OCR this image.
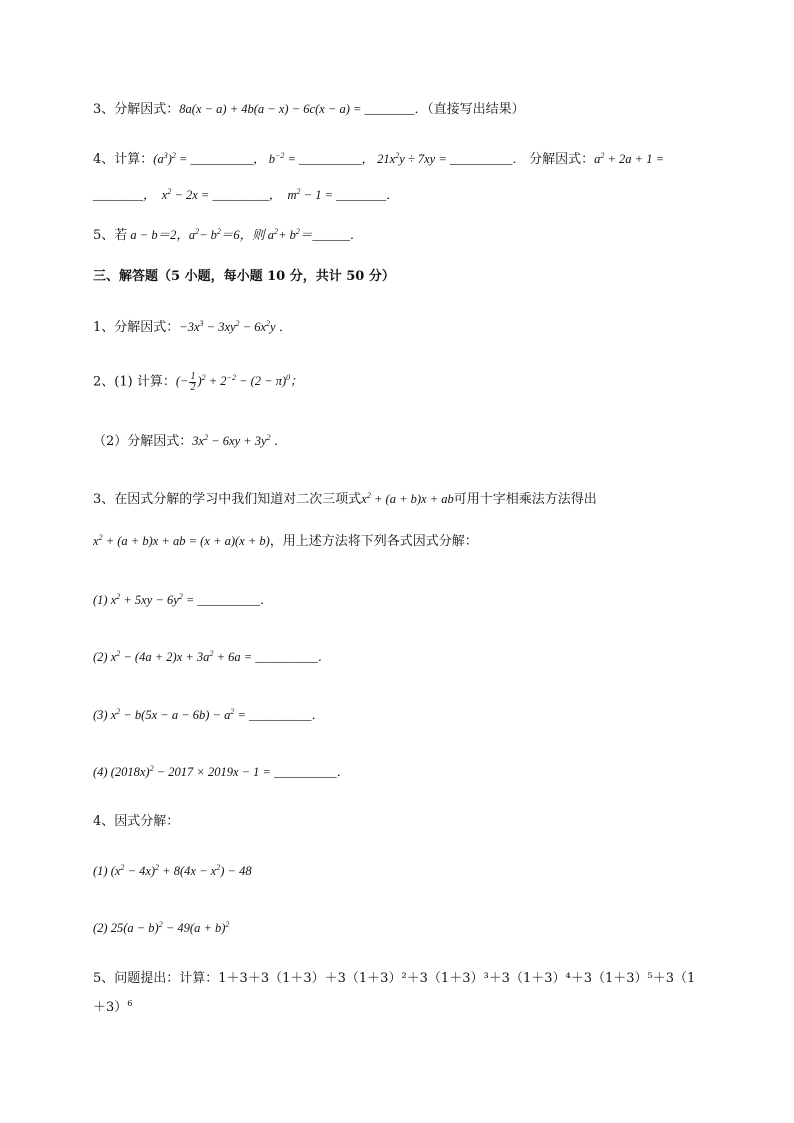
3、分解因式：8a(x − a) + 4b(a − x) − 6c(x − a) = ________．（直接写出结果）
4、计算：$(a^3)^2$ = __________， $b^{-2}$ = __________， $21x^2y \div 7xy$ = __________． 分解因式：$a^2 + 2a + 1$ =
________， $x^2 - 2x$ = _________， $m^2 - 1$ = ________．
5、若 a − b＝2，$a^2- b^2=6$，则 $a^2+$ $b^2=\_\_\_\_\_\_$．
三、解答题（5 小题，每小题 10 分，共计 50 分）
1、分解因式：$-3x^3 - 3xy^2 - 6x^2y$ ．
2、(1) 计算：(− $\frac{1}{2} )^2 + 2^{-2} - (2 - \pi)^0$；
（2）分解因式：$3x^2 - 6xy + 3y^2$ ．
3、在因式分解的学习中我们知道对二次三项式$x^2 + (a + b)x$ + ab可用十字相乘法方法得出
$x^2 + (a + b)x$ + ab = (x + a)(x + b)，用上述方法将下列各式因式分解：
(1) $x^2 + 5xy - 6y^2$ = __________．
(2) $x^2 - (4a + 2)x + 3a^2 + 6a$ = __________．
(3) $x^2 - b(5x - a - 6b) - a^2$ = __________．
(4) $(2018x)^2 - 2017 \times 2019x - 1$ = __________．
4、因式分解：
(1) $(x^2 - 4x)^2 + 8(4x - x^2) - 48$
(2) $25(a - b)^2 - 49(a + b)^2$
5、问题提出：计算：1＋3＋3（1＋3）＋3（1＋3）²＋3（1＋3）³＋3（1＋3）⁴＋3（1＋3）⁵＋3（1
＋3）$^6$
